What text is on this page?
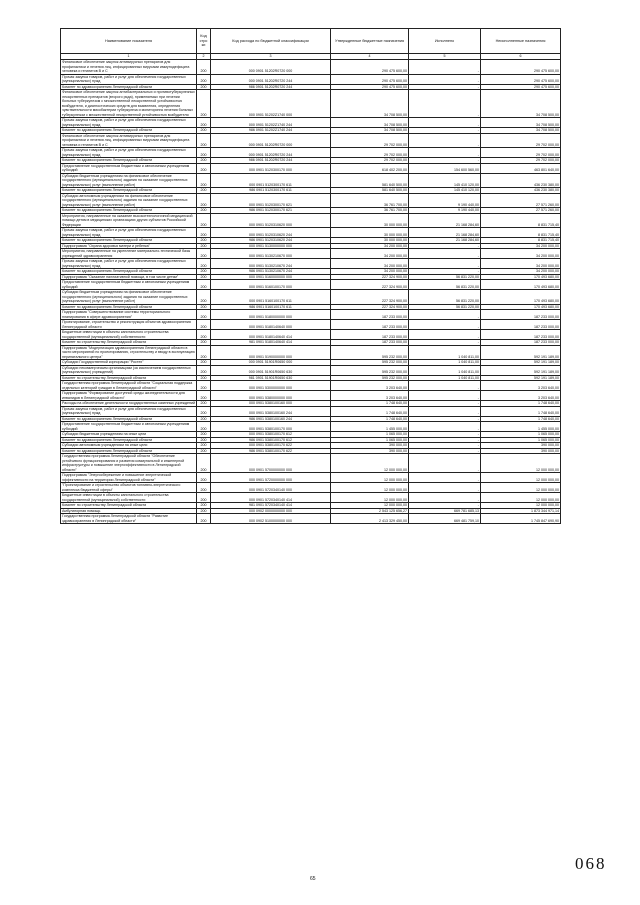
Наименование показателя	Код стро ки	Код расхода по бюджетной классификации	Утвержденные бюджетные назначения	Исполнено	Неисполненные назначения
1	2	3	4	5	6
Финансовое обеспечение закупок антивирусных препаратов для профилактики и лечения лиц, инфицированных вирусами иммунодефицита человека и гепатитов В и С	200	000 0901 51202R0720 000	290 475 600,00	-	290 475 600,00
Прочая закупка товаров, работ и услуг для обеспечения государственных (муниципальных) нужд	200	000 0901 51202R0720 244	290 475 600,00	-	290 475 600,00
Комитет по здравоохранению Ленинградской области	200	986 0901 51202R0720 244	290 475 600,00	-	290 475 600,00
Финансовое обеспечение закупок антибактериальных и противотуберкулезных лекарственных препаратов (второго ряда), применяемых при лечении больных туберкулезом с множественной лекарственной устойчивостью возбудителя, и диагностических средств для выявления, определения чувствительности микобактерии туберкулеза и мониторинга лечения больных туберкулезом с множественной лекарственной устойчивостью возбудителя	200	000 0901 51202Z1740 000	34 708 500,00	-	34 708 500,00
Прочая закупка товаров, работ и услуг для обеспечения государственных (муниципальных) нужд	200	000 0901 51202Z1740 244	34 708 500,00	-	34 708 500,00
Комитет по здравоохранению Ленинградской области	200	986 0901 51202Z1740 244	34 708 500,00	-	34 708 500,00
Финансовое обеспечение закупок антивирусных препаратов для профилактики и лечения лиц, инфицированных вирусами иммунодефицита человека и гепатитов В и С	200	000 0901 51202R0720 000	29 702 000,00	-	29 702 000,00
Прочая закупка товаров, работ и услуг для обеспечения государственных (муниципальных) нужд	200	000 0901 51202R0720 244	29 702 000,00	-	29 702 000,00
Комитет по здравоохранению Ленинградской области	200	986 0901 51202R0720 244	29 702 000,00	-	29 702 000,00
Предоставление государственным бюджетным и автономным учреждениям субсидий	200	000 0901 5120300170 000	618 402 200,00	154 600 560,00	463 801 640,00
Субсидии бюджетным учреждениям на финансовое обеспечение государственного (муниципального) задания на оказание государственных (муниципальных) услуг (выполнение работ)	200	000 0901 5120300170 611	581 640 500,00	145 410 120,00	436 230 380,00
Комитет по здравоохранению Ленинградской области	200	986 0901 5120300170 611	581 640 500,00	145 410 120,00	436 230 380,00
Субсидии автономным учреждениям на финансовое обеспечение государственного (муниципального) задания на оказание государственных (муниципальных) услуг (выполнение работ)	200	000 0901 5120300170 621	36 761 700,00	9 190 440,00	27 571 260,00
Комитет по здравоохранению Ленинградской области	200	986 0901 5120300170 621	36 761 700,00	9 190 440,00	27 571 260,00
Мероприятия, направленные на оказание высокотехнологичной медицинской помощи детям в медицинских организациях других субъектов Российской Федерации	200	000 0901 5120310620 000	30 000 000,00	21 168 284,60	8 831 715,40
Прочая закупка товаров, работ и услуг для обеспечения государственных (муниципальных) нужд	200	000 0901 5120310620 244	30 000 000,00	21 168 284,60	8 831 715,40
Комитет по здравоохранению Ленинградской области	200	986 0901 5120310620 244	30 000 000,00	21 168 284,60	8 831 715,40
Подпрограмма "Охрана здоровья матери и ребенка"	200	000 0901 5130000000 000	34 200 000,00	-	34 200 000,00
Мероприятия, направленные на укрепление материально-технической базы учреждений здравоохранения	200	000 0901 5130210670 000	34 200 000,00	-	34 200 000,00
Прочая закупка товаров, работ и услуг для обеспечения государственных (муниципальных) нужд	200	000 0901 5130210670 244	34 200 000,00	-	34 200 000,00
Комитет по здравоохранению Ленинградской области	200	986 0901 5130210670 244	34 200 000,00	-	34 200 000,00
Подпрограмма "Оказание паллиативной помощи, в том числе детям"	200	000 0901 5160000000 000	227 324 900,00	56 831 220,00	170 493 680,00
Предоставление государственным бюджетным и автономным учреждениям субсидий	200	000 0901 5160100170 000	227 324 900,00	56 831 220,00	170 493 680,00
Субсидии бюджетным учреждениям на финансовое обеспечение государственного (муниципального) задания на оказание государственных (муниципальных) услуг (выполнение работ)	200	000 0901 5160100170 611	227 324 900,00	56 831 220,00	170 493 680,00
Комитет по здравоохранению Ленинградской области	200	986 0901 5160100170 611	227 324 900,00	56 831 220,00	170 493 680,00
Подпрограмма "Совершенствование системы территориального планирования в сфере здравоохранения"	200	000 0901 5180000000 000	187 233 000,00	-	187 233 000,00
Проектирование, строительство и реконструкция объектов здравоохранения Ленинградской области	200	000 0901 5180140640 000	187 233 000,00	-	187 233 000,00
Бюджетные инвестиции в объекты капитального строительства государственной (муниципальной) собственности	200	000 0901 5180140640 414	187 233 000,00	-	187 233 000,00
Комитет по строительству Ленинградской области	200	981 0901 5180140640 414	187 233 000,00	-	187 233 000,00
Подпрограмма "Модернизация здравоохранения Ленинградской области в части мероприятий по проектированию, строительству и вводу в эксплуатацию перинатального центра"	200	000 0901 5190000000 000	595 232 000,00	1 040 811,00	592 191 189,00
Субсидии Государственной корпорации "Ростех"	200	000 0901 51901R0650 000	595 232 000,00	1 040 811,00	592 191 189,00
Субсидии некоммерческим организациям (за исключением государственных (муниципальных) учреждений)	200	000 0901 51901R0650 630	595 232 000,00	1 040 811,00	592 191 189,00
Комитет по строительству Ленинградской области	200	981 0901 51901R0650 630	595 232 000,00	1 040 811,00	592 191 189,00
Государственная программа Ленинградской области "Социальная поддержка отдельных категорий граждан в Ленинградской области"	200	000 0901 5300000000 000	3 203 640,00	-	3 203 640,00
Подпрограмма "Формирование доступной среды жизнедеятельности для инвалидов в Ленинградской области"	200	000 0901 5380000000 000	3 203 640,00	-	3 203 640,00
Расходы на обеспечение деятельности государственных казенных учреждений	200	000 0901 5380100160 000	1 748 640,00	-	1 748 640,00
Прочая закупка товаров, работ и услуг для обеспечения государственных (муниципальных) нужд	200	000 0901 5380100160 244	1 748 640,00	-	1 748 640,00
Комитет по здравоохранению Ленинградской области	200	986 0901 5380100160 244	1 748 640,00	-	1 748 640,00
Предоставление государственным бюджетным и автономным учреждениям субсидий	200	000 0901 5380100170 000	1 455 000,00	-	1 455 000,00
Субсидии бюджетным учреждениям на иные цели	200	000 0901 5380100170 612	1 065 000,00	-	1 065 000,00
Комитет по здравоохранению Ленинградской области	200	986 0901 5380100170 612	1 065 000,00	-	1 065 000,00
Субсидии автономным учреждениям на иные цели	200	000 0901 5380100170 622	390 000,00	-	390 000,00
Комитет по здравоохранению Ленинградской области	200	986 0901 5380100170 622	390 000,00	-	390 000,00
Государственная программа Ленинградской области "Обеспечение устойчивого функционирования и развития коммунальной и инженерной инфраструктуры и повышение энергоэффективности в Ленинградской области"	200	000 0901 5700000000 000	12 000 000,00	-	12 000 000,00
Подпрограмма "Энергосбережение и повышение энергетической эффективности на территории Ленинградской области"	200	000 0901 5720000000 000	12 000 000,00	-	12 000 000,00
"Проектирование и строительство объектов топливно-энергетического комплекса бюджетной сферы"	200	000 0901 5720340140 000	12 000 000,00	-	12 000 000,00
Бюджетные инвестиции в объекты капитального строительства государственной (муниципальной) собственности	200	000 0901 5720340140 414	12 000 000,00	-	12 000 000,00
Комитет по строительству Ленинградской области	200	981 0901 5720340140 414	12 000 000,00	-	12 000 000,00
Амбулаторная помощь	200	000 0902 0000000000 000	2 543 125 656,27	669 781 685,13	1 873 344 971,14
Государственная программа Ленинградской области "Развитие здравоохранения в Ленинградской области"	200	000 0902 5100000000 000	2 413 329 450,00	669 481 759,10	1 745 847 690,90
65
068
